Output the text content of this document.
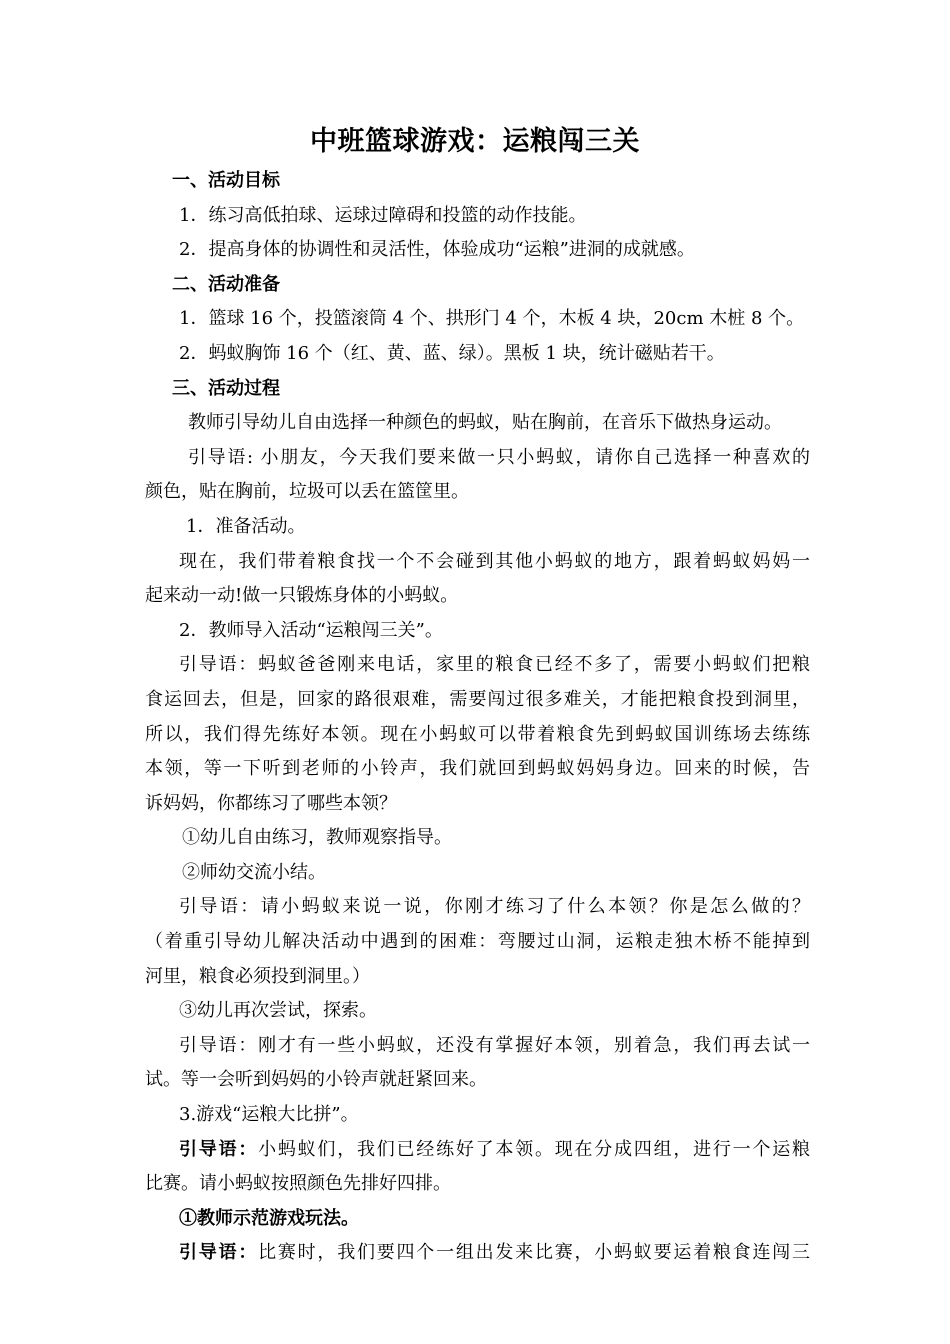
中班篮球游戏：运粮闯三关
一、活动目标
1．练习高低拍球、运球过障碍和投篮的动作技能。
2．提高身体的协调性和灵活性，体验成功“运粮”进洞的成就感。
二、活动准备
1．篮球 16 个，投篮滚筒 4 个、拱形门 4 个，木板 4 块，20cm 木桩 8 个。
2．蚂蚁胸饰 16 个（红、黄、蓝、绿）。黑板 1 块，统计磁贴若干。
三、活动过程
教师引导幼儿自由选择一种颜色的蚂蚁，贴在胸前，在音乐下做热身运动。
引导语: 小朋友，今天我们要来做一只小蚂蚁，请你自己选择一种喜欢的
颜色，贴在胸前，垃圾可以丢在篮筐里。
1．准备活动。
现在，我们带着粮食找一个不会碰到其他小蚂蚁的地方，跟着蚂蚁妈妈一
起来动一动!做一只锻炼身体的小蚂蚁。
2．教师导入活动“运粮闯三关”。
引导语：蚂蚁爸爸刚来电话，家里的粮食已经不多了，需要小蚂蚁们把粮
食运回去，但是，回家的路很艰难，需要闯过很多难关，才能把粮食投到洞里，
所以，我们得先练好本领。现在小蚂蚁可以带着粮食先到蚂蚁国训练场去练练
本领，等一下听到老师的小铃声，我们就回到蚂蚁妈妈身边。回来的时候，告
诉妈妈，你都练习了哪些本领？
①幼儿自由练习，教师观察指导。
②师幼交流小结。
引导语：请小蚂蚁来说一说，你刚才练习了什么本领？你是怎么做的？
（着重引导幼儿解决活动中遇到的困难：弯腰过山洞，运粮走独木桥不能掉到
河里，粮食必须投到洞里。）
③幼儿再次尝试，探索。
引导语：刚才有一些小蚂蚁，还没有掌握好本领，别着急，我们再去试一
试。等一会听到妈妈的小铃声就赶紧回来。
3.游戏“运粮大比拼”。
引导语：小蚂蚁们，我们已经练好了本领。现在分成四组，进行一个运粮
比赛。请小蚂蚁按照颜色先排好四排。
①教师示范游戏玩法。
引导语：比赛时，我们要四个一组出发来比赛，小蚂蚁要运着粮食连闯三
